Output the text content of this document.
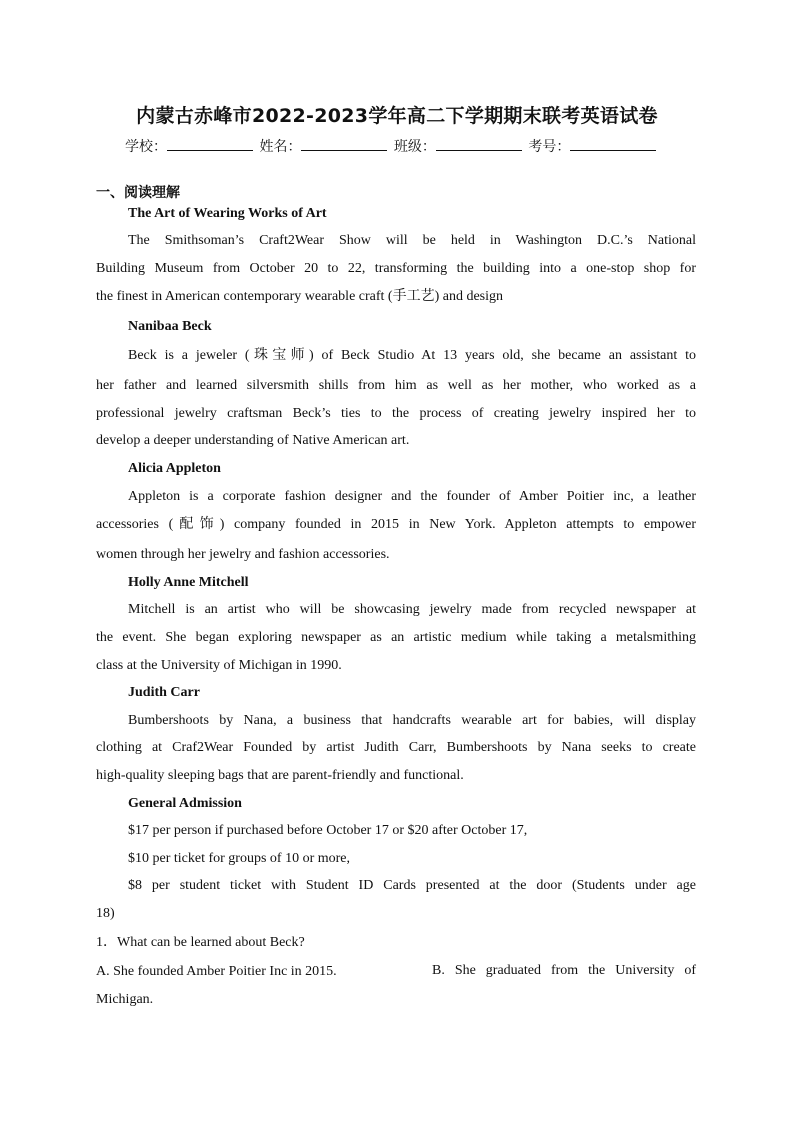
内蒙古赤峰市2022-2023学年高二下学期期末联考英语试卷
学校：	姓名：	班级：	考号：
一、阅读理解
The Art of Wearing Works of Art
The Smithsoman’s Craft2Wear Show will be held in Washington D.C.’s National
Building Museum from October 20 to 22, transforming the building into a one-stop shop for
the finest in American contemporary wearable craft (手工艺) and design
Nanibaa Beck
Beck is a jeweler (珠宝师) of Beck Studio At 13 years old, she became an assistant to
her father and learned silversmith shills from him as well as her mother, who worked as a
professional jewelry craftsman Beck’s ties to the process of creating jewelry inspired her to
develop a deeper understanding of Native American art.
Alicia Appleton
Appleton is a corporate fashion designer and the founder of Amber Poitier inc, a leather
accessories (配饰) company founded in 2015 in New York. Appleton attempts to empower
women through her jewelry and fashion accessories.
Holly Anne Mitchell
Mitchell is an artist who will be showcasing jewelry made from recycled newspaper at
the event. She began exploring newspaper as an artistic medium while taking a metalsmithing
class at the University of Michigan in 1990.
Judith Carr
Bumbershoots by Nana, a business that handcrafts wearable art for babies, will display
clothing at Craf2Wear Founded by artist Judith Carr, Bumbershoots by Nana seeks to create
high-quality sleeping bags that are parent-friendly and functional.
General Admission
$17 per person if purchased before October 17 or $20 after October 17,
$10 per ticket for groups of 10 or more,
$8 per student ticket with Student ID Cards presented at the door (Students under age
18)
1．What can be learned about Beck?
A. She founded Amber Poitier Inc in 2015.	B. She graduated from the University of
Michigan.
